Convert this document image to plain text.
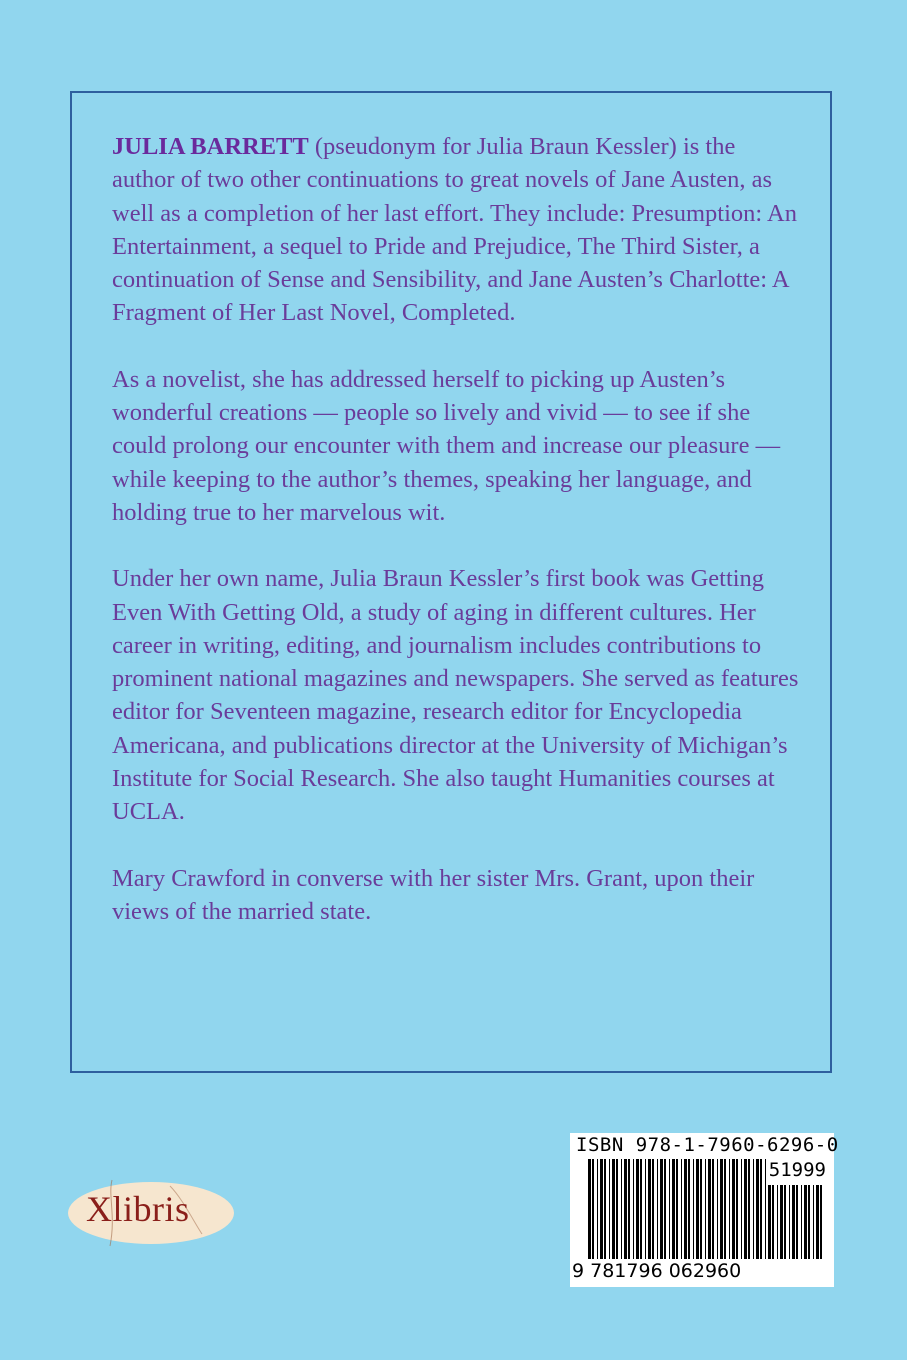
JULIA BARRETT (pseudonym for Julia Braun Kessler) is the author of two other continuations to great novels of Jane Austen, as well as a completion of her last effort. They include: Presumption: An Entertainment, a sequel to Pride and Prejudice, The Third Sister, a continuation of Sense and Sensibility, and Jane Austen’s Charlotte: A Fragment of Her Last Novel, Completed.

As a novelist, she has addressed herself to picking up Austen’s wonderful creations — people so lively and vivid — to see if she could prolong our encounter with them and increase our pleasure — while keeping to the author’s themes, speaking her language, and holding true to her marvelous wit.

Under her own name, Julia Braun Kessler’s first book was Getting Even With Getting Old, a study of aging in different cultures. Her career in writing, editing, and journalism includes contributions to prominent national magazines and newspapers. She served as features editor for Seventeen magazine, research editor for Encyclopedia Americana, and publications director at the University of Michigan’s Institute for Social Research. She also taught Humanities courses at UCLA.

Mary Crawford in converse with her sister Mrs. Grant, upon their views of the married state.

Xlibris
ISBN 978-1-7960-6296-0
51999
9 781796 062960
